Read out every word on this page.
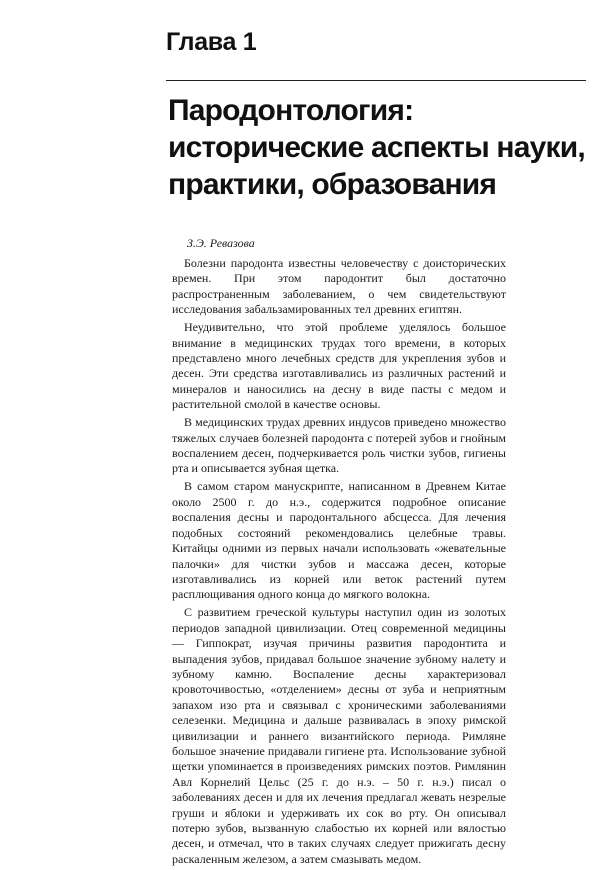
Глава 1
Пародонтология:
исторические аспекты науки,
практики, образования

З.Э. Ревазова

Болезни пародонта известны человечеству с доисторических времен. При этом пародонтит был достаточно распространенным заболеванием, о чем свидетельствуют исследования забальзамированных тел древних египтян.

Неудивительно, что этой проблеме уделялось большое внимание в медицинских трудах того времени, в которых представлено много лечебных средств для укрепления зубов и десен. Эти средства изготавливались из различных растений и минералов и наносились на десну в виде пасты с медом и растительной смолой в качестве основы.

В медицинских трудах древних индусов приведено множество тяжелых случаев болезней пародонта с потерей зубов и гнойным воспалением десен, подчеркивается роль чистки зубов, гигиены рта и описывается зубная щетка.

В самом старом манускрипте, написанном в Древнем Китае около 2500 г. до н.э., содержится подробное описание воспаления десны и пародонтального абсцесса. Для лечения подобных состояний рекомендовались целебные травы. Китайцы одними из первых начали использовать «жевательные палочки» для чистки зубов и массажа десен, которые изготавливались из корней или веток растений путем расплющивания одного конца до мягкого волокна.

С развитием греческой культуры наступил один из золотых периодов западной цивилизации. Отец современной медицины — Гиппократ, изучая причины развития пародонтита и выпадения зубов, придавал большое значение зубному налету и зубному камню. Воспаление десны характеризовал кровоточивостью, «отделением» десны от зуба и неприятным запахом изо рта и связывал с хроническими заболеваниями селезенки. Медицина и дальше развивалась в эпоху римской цивилизации и раннего византийского периода. Римляне большое значение придавали гигиене рта. Использование зубной щетки упоминается в произведениях римских поэтов. Римлянин Авл Корнелий Цельс (25 г. до н.э. – 50 г. н.э.) писал о заболеваниях десен и для их лечения предлагал жевать незрелые груши и яблоки и удерживать их сок во рту. Он описывал потерю зубов, вызванную слабостью их корней или вялостью десен, и отмечал, что в таких случаях следует прижигать десну раскаленным железом, а затем смазывать медом.
